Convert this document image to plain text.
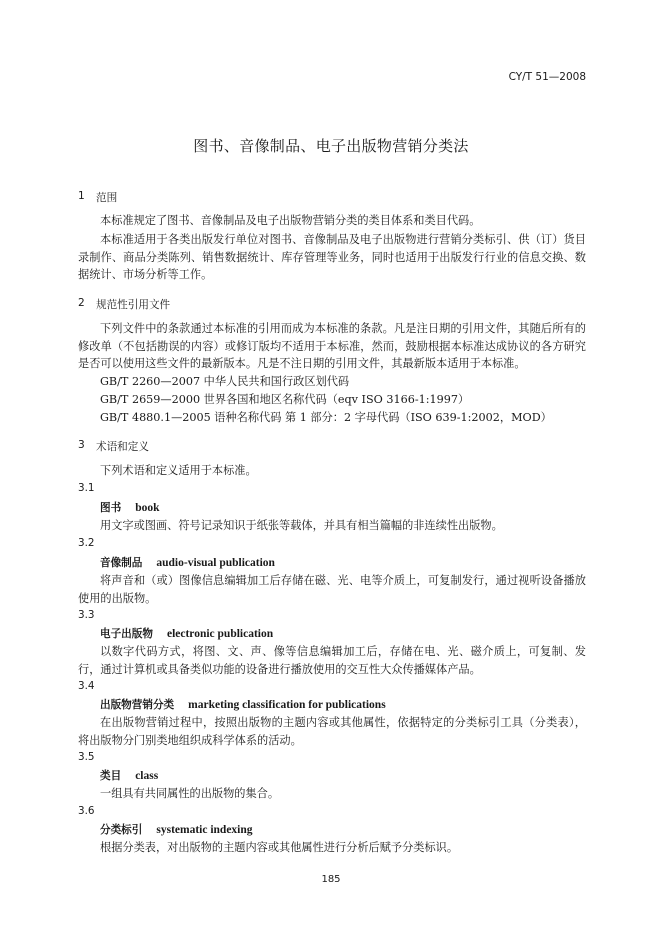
CY/T 51—2008
图书、音像制品、电子出版物营销分类法
1 范围
本标准规定了图书、音像制品及电子出版物营销分类的类目体系和类目代码。
本标准适用于各类出版发行单位对图书、音像制品及电子出版物进行营销分类标引、供（订）货目录制作、商品分类陈列、销售数据统计、库存管理等业务，同时也适用于出版发行行业的信息交换、数据统计、市场分析等工作。
2 规范性引用文件
下列文件中的条款通过本标准的引用而成为本标准的条款。凡是注日期的引用文件，其随后所有的修改单（不包括勘误的内容）或修订版均不适用于本标准，然而，鼓励根据本标准达成协议的各方研究是否可以使用这些文件的最新版本。凡是不注日期的引用文件，其最新版本适用于本标准。
GB/T 2260—2007 中华人民共和国行政区划代码
GB/T 2659—2000 世界各国和地区名称代码（eqv ISO 3166-1:1997）
GB/T 4880.1—2005 语种名称代码 第 1 部分：2 字母代码（ISO 639-1:2002，MOD）
3 术语和定义
下列术语和定义适用于本标准。
3.1
图书 book
用文字或图画、符号记录知识于纸张等载体，并具有相当篇幅的非连续性出版物。
3.2
音像制品 audio-visual publication
将声音和（或）图像信息编辑加工后存储在磁、光、电等介质上，可复制发行，通过视听设备播放使用的出版物。
3.3
电子出版物 electronic publication
以数字代码方式，将图、文、声、像等信息编辑加工后，存储在电、光、磁介质上，可复制、发行，通过计算机或具备类似功能的设备进行播放使用的交互性大众传播媒体产品。
3.4
出版物营销分类 marketing classification for publications
在出版物营销过程中，按照出版物的主题内容或其他属性，依据特定的分类标引工具（分类表），将出版物分门别类地组织成科学体系的活动。
3.5
类目 class
一组具有共同属性的出版物的集合。
3.6
分类标引 systematic indexing
根据分类表，对出版物的主题内容或其他属性进行分析后赋予分类标识。
185
